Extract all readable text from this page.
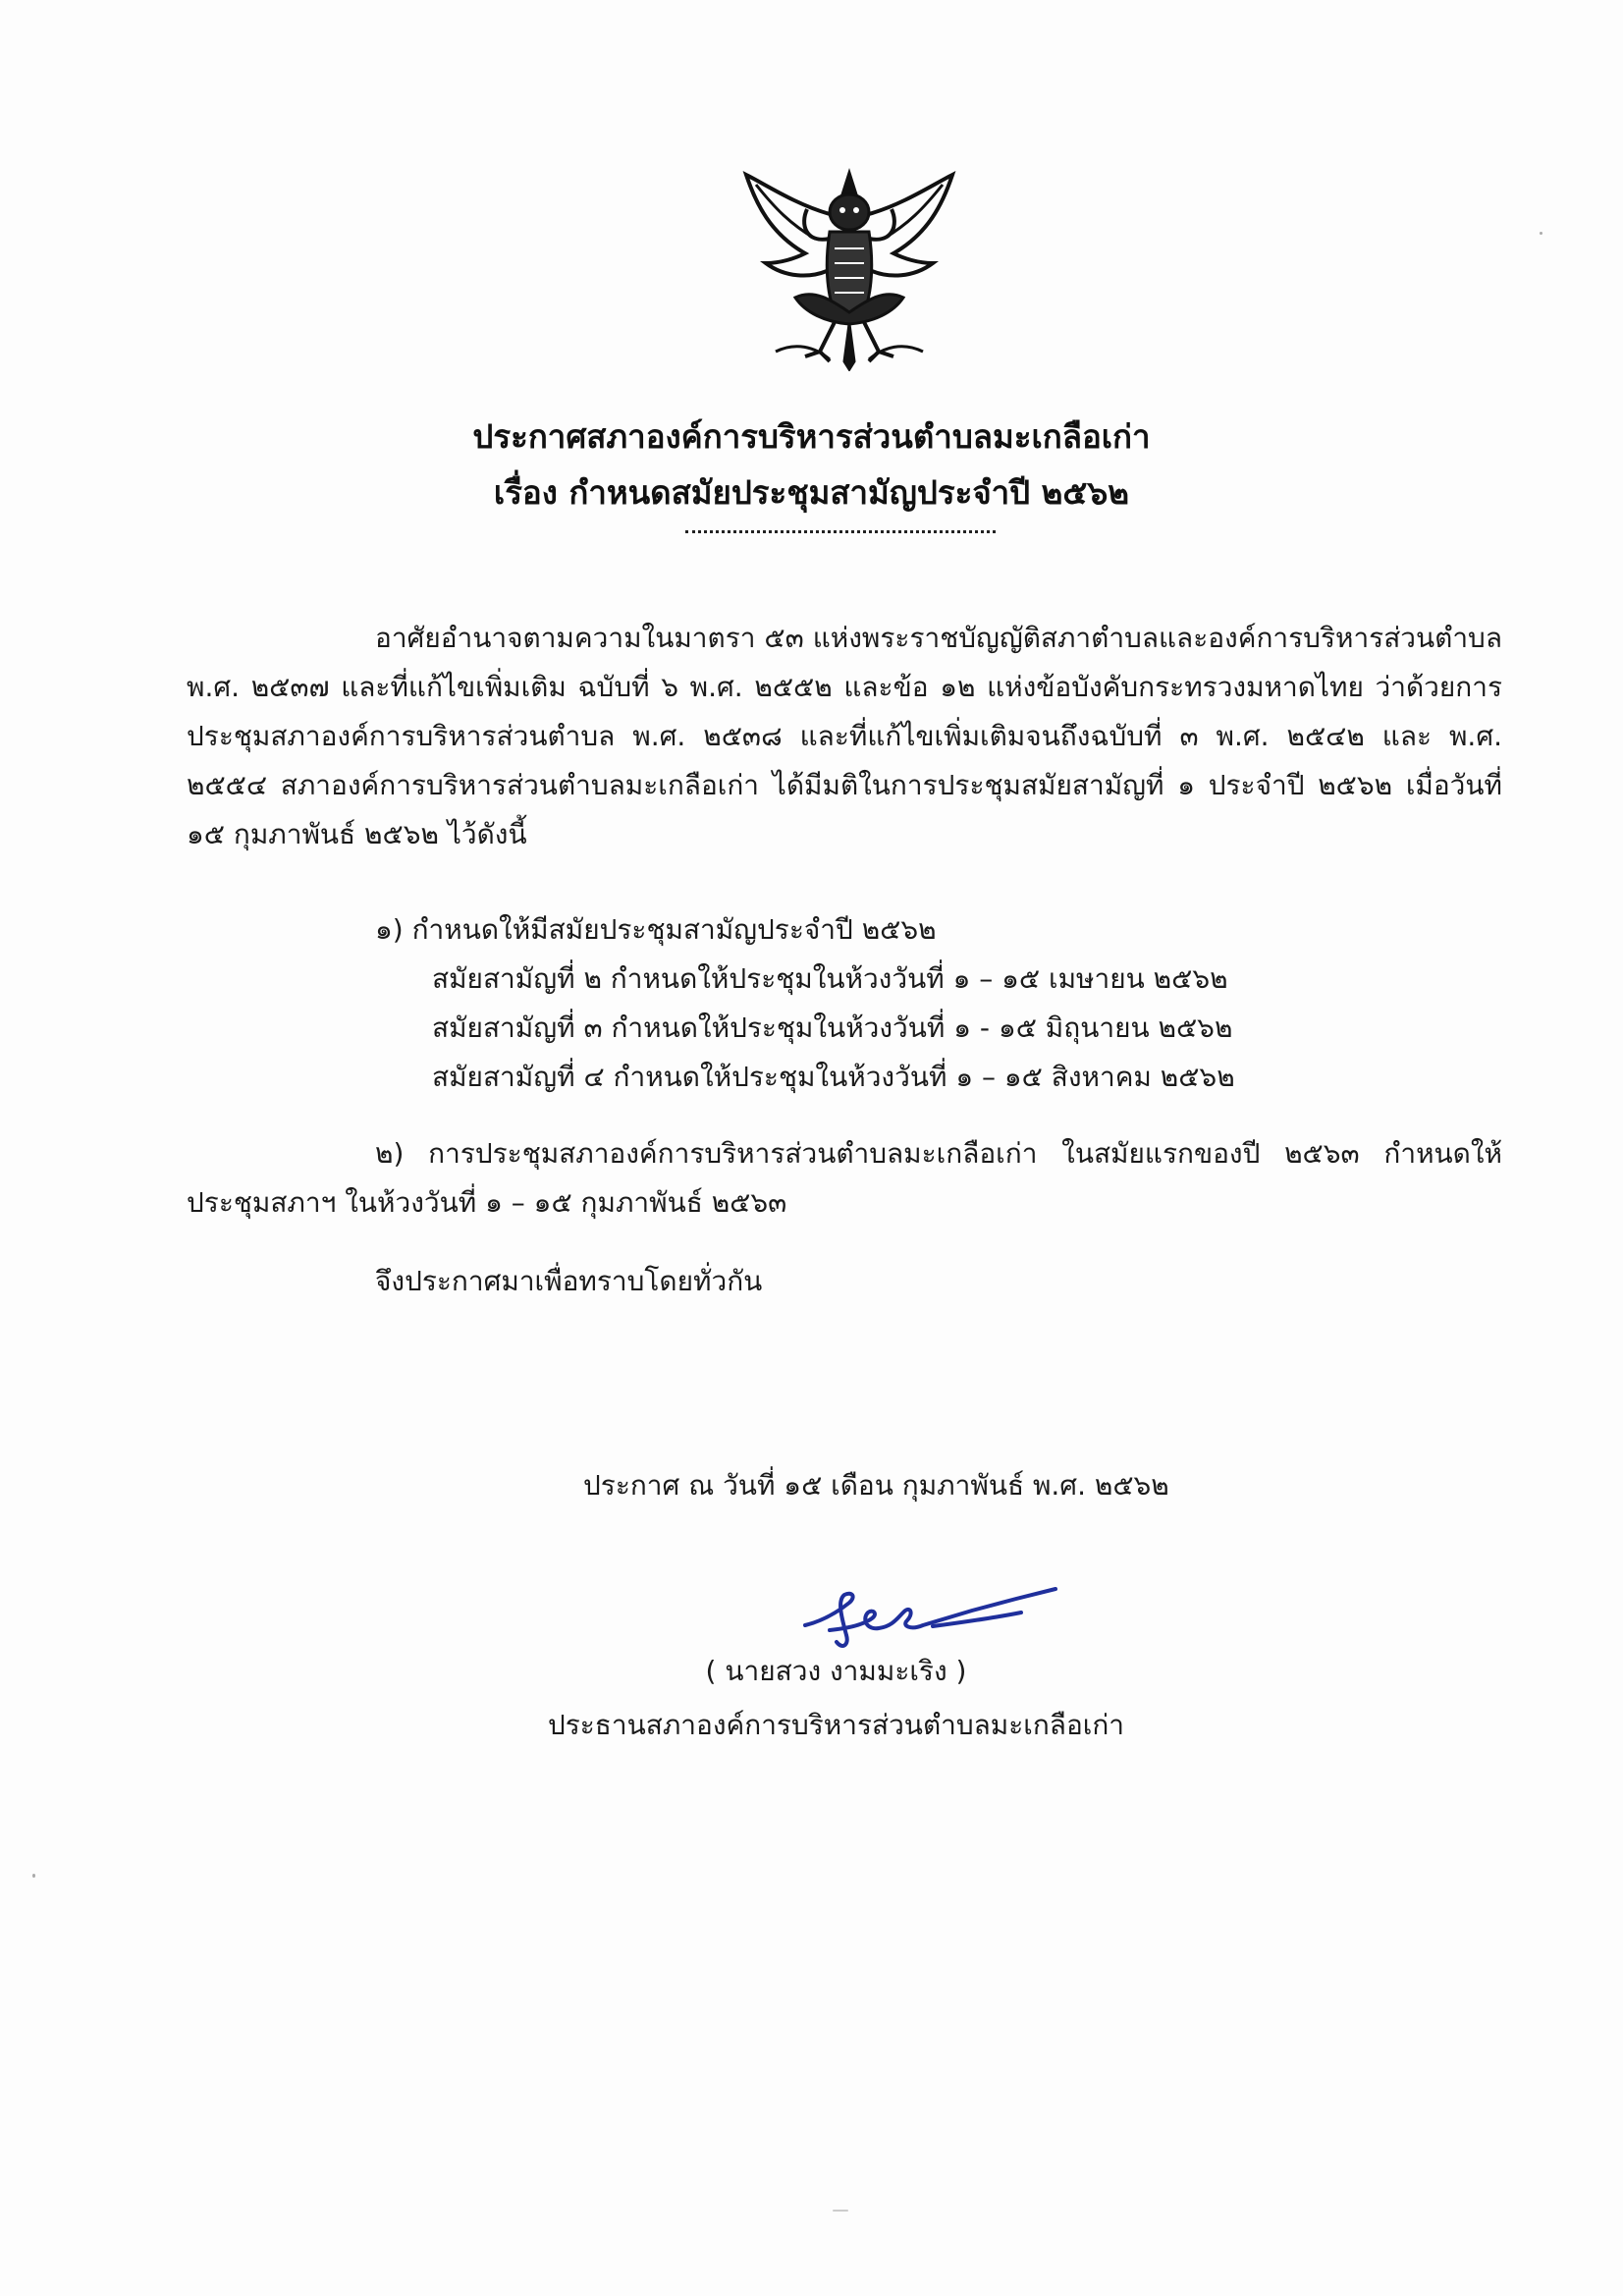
ประกาศสภาองค์การบริหารส่วนตำบลมะเกลือเก่า
เรื่อง กำหนดสมัยประชุมสามัญประจำปี ๒๕๖๒
อาศัยอำนาจตามความในมาตรา ๕๓ แห่งพระราชบัญญัติสภาตำบลและองค์การบริหารส่วนตำบล
พ.ศ. ๒๕๓๗ และที่แก้ไขเพิ่มเติม ฉบับที่ ๖ พ.ศ. ๒๕๕๒ และข้อ ๑๒ แห่งข้อบังคับกระทรวงมหาดไทย ว่าด้วยการ
ประชุมสภาองค์การบริหารส่วนตำบล พ.ศ. ๒๕๓๘ และที่แก้ไขเพิ่มเติมจนถึงฉบับที่ ๓ พ.ศ. ๒๕๔๒ และ พ.ศ.
๒๕๕๔ สภาองค์การบริหารส่วนตำบลมะเกลือเก่า ได้มีมติในการประชุมสมัยสามัญที่ ๑ ประจำปี ๒๕๖๒ เมื่อวันที่
๑๕ กุมภาพันธ์ ๒๕๖๒ ไว้ดังนี้
๑) กำหนดให้มีสมัยประชุมสามัญประจำปี ๒๕๖๒
สมัยสามัญที่ ๒ กำหนดให้ประชุมในห้วงวันที่ ๑ – ๑๕ เมษายน ๒๕๖๒
สมัยสามัญที่ ๓ กำหนดให้ประชุมในห้วงวันที่ ๑ - ๑๕ มิถุนายน ๒๕๖๒
สมัยสามัญที่ ๔ กำหนดให้ประชุมในห้วงวันที่ ๑ – ๑๕ สิงหาคม ๒๕๖๒
๒) การประชุมสภาองค์การบริหารส่วนตำบลมะเกลือเก่า ในสมัยแรกของปี ๒๕๖๓ กำหนดให้
ประชุมสภาฯ ในห้วงวันที่ ๑ – ๑๕ กุมภาพันธ์ ๒๕๖๓
จึงประกาศมาเพื่อทราบโดยทั่วกัน
ประกาศ ณ วันที่ ๑๕ เดือน กุมภาพันธ์ พ.ศ. ๒๕๖๒
( นายสวง งามมะเริง )
ประธานสภาองค์การบริหารส่วนตำบลมะเกลือเก่า
